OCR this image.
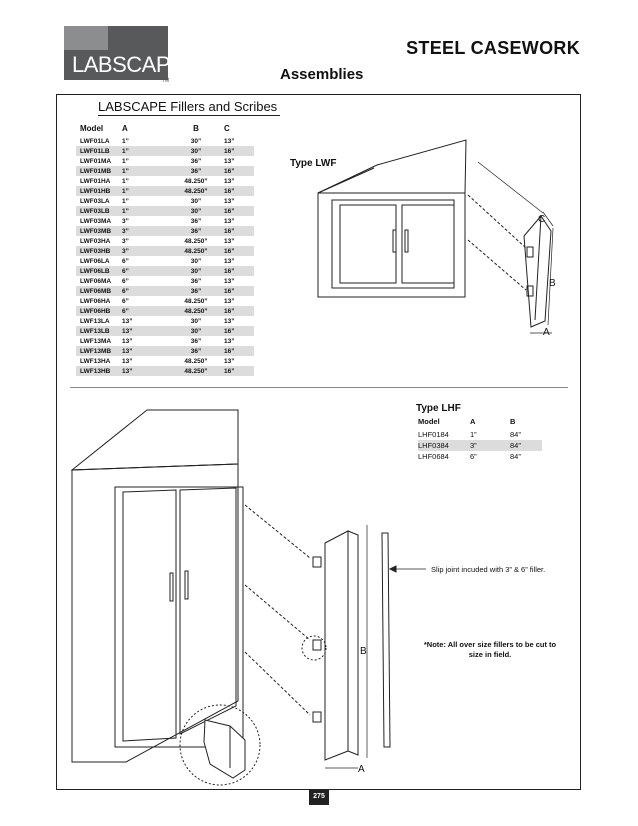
LABSCAPE
TM
STEEL CASEWORK
Assemblies
LABSCAPE Fillers and Scribes
Model	A	B	C
LWF01LA	1”	30”	13”
LWF01LB	1”	30”	16”
LWF01MA	1”	36”	13”
LWF01MB	1”	36”	16”
LWF01HA	1”	48.250”	13”
LWF01HB	1”	48.250”	16”
LWF03LA	1”	30”	13”
LWF03LB	1”	30”	16”
LWF03MA	3”	36”	13”
LWF03MB	3”	36”	16”
LWF03HA	3”	48.250”	13”
LWF03HB	3”	48.250”	16”
LWF06LA	6”	30”	13”
LWF06LB	6”	30”	16”
LWF06MA	6”	36”	13”
LWF06MB	6”	36”	16”
LWF06HA	6”	48.250”	13”
LWF06HB	6”	48.250”	16”
LWF13LA	13”	30”	13”
LWF13LB	13”	30”	16”
LWF13MA	13”	36”	13”
LWF13MB	13”	36”	16”
LWF13HA	13”	48.250”	13”
LWF13HB	13”	48.250”	16”
Type LWF
C
B
A
Type LHF
Model	A	B
LHF0184	1”	84”
LHF0384	3”	84”
LHF0684	6”	84”
B
A
Slip joint incuded with 3” & 6” filler.
*Note: All over size fillers to be cut to size in field.
275
